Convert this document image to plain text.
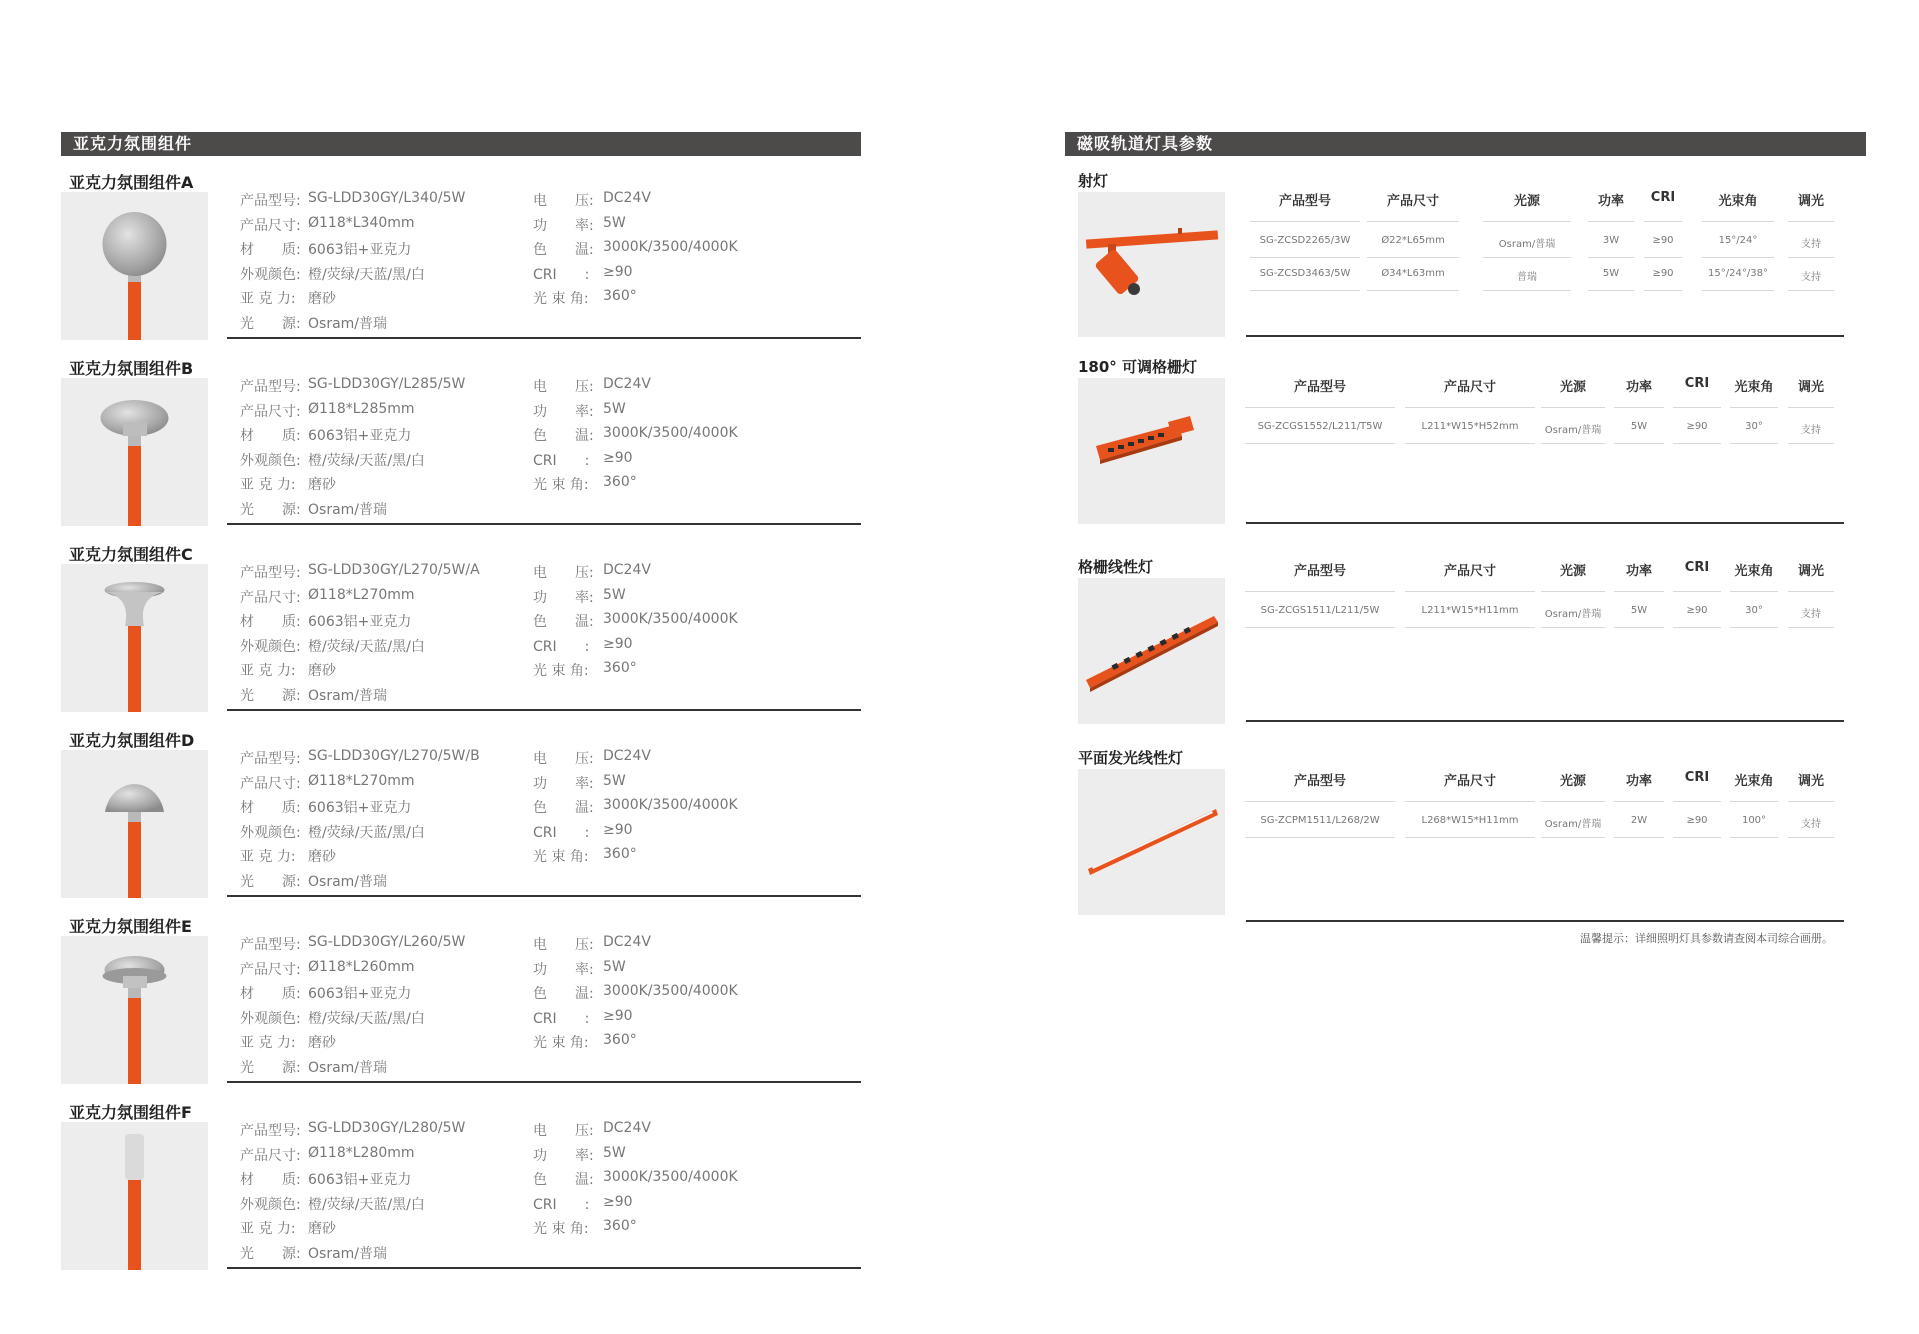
亚克力氛围组件	磁吸轨道灯具参数
亚克力氛围组件A
产品型号: SG-LDD30GY/L340/5W
产品尺寸: Ø118*L340mm
材　　质: 6063铝+亚克力
外观颜色: 橙/荧绿/天蓝/黑/白
亚 克 力: 磨砂
光　　源: Osram/普瑞
电　　压: DC24V
功　　率: 5W
色　　温: 3000K/3500/4000K
CRI　　: ≥90
光 束 角: 360°
亚克力氛围组件B
产品型号: SG-LDD30GY/L285/5W
产品尺寸: Ø118*L285mm
材　　质: 6063铝+亚克力
外观颜色: 橙/荧绿/天蓝/黑/白
亚 克 力: 磨砂
光　　源: Osram/普瑞
电　　压: DC24V
功　　率: 5W
色　　温: 3000K/3500/4000K
CRI　　: ≥90
光 束 角: 360°
亚克力氛围组件C
产品型号: SG-LDD30GY/L270/5W/A
产品尺寸: Ø118*L270mm
材　　质: 6063铝+亚克力
外观颜色: 橙/荧绿/天蓝/黑/白
亚 克 力: 磨砂
光　　源: Osram/普瑞
电　　压: DC24V
功　　率: 5W
色　　温: 3000K/3500/4000K
CRI　　: ≥90
光 束 角: 360°
亚克力氛围组件D
产品型号: SG-LDD30GY/L270/5W/B
产品尺寸: Ø118*L270mm
材　　质: 6063铝+亚克力
外观颜色: 橙/荧绿/天蓝/黑/白
亚 克 力: 磨砂
光　　源: Osram/普瑞
电　　压: DC24V
功　　率: 5W
色　　温: 3000K/3500/4000K
CRI　　: ≥90
光 束 角: 360°
亚克力氛围组件E
产品型号: SG-LDD30GY/L260/5W
产品尺寸: Ø118*L260mm
材　　质: 6063铝+亚克力
外观颜色: 橙/荧绿/天蓝/黑/白
亚 克 力: 磨砂
光　　源: Osram/普瑞
电　　压: DC24V
功　　率: 5W
色　　温: 3000K/3500/4000K
CRI　　: ≥90
光 束 角: 360°
亚克力氛围组件F
产品型号: SG-LDD30GY/L280/5W
产品尺寸: Ø118*L280mm
材　　质: 6063铝+亚克力
外观颜色: 橙/荧绿/天蓝/黑/白
亚 克 力: 磨砂
光　　源: Osram/普瑞
电　　压: DC24V
功　　率: 5W
色　　温: 3000K/3500/4000K
CRI　　: ≥90
光 束 角: 360°
射灯
180° 可调格栅灯
格栅线性灯
平面发光线性灯
产品型号	产品尺寸	光源	功率	CRI	光束角	调光
SG-ZCSD2265/3W	Ø22*L65mm	Osram/普瑞	3W	≥90	15°/24°	支持
SG-ZCSD3463/5W	Ø34*L63mm	普瑞	5W	≥90	15°/24°/38°	支持
产品型号	产品尺寸	光源	功率	CRI	光束角	调光
SG-ZCGS1552/L211/T5W	L211*W15*H52mm	Osram/普瑞	5W	≥90	30°	支持
产品型号	产品尺寸	光源	功率	CRI	光束角	调光
SG-ZCGS1511/L211/5W	L211*W15*H11mm	Osram/普瑞	5W	≥90	30°	支持
产品型号	产品尺寸	光源	功率	CRI	光束角	调光
SG-ZCPM1511/L268/2W	L268*W15*H11mm	Osram/普瑞	2W	≥90	100°	支持
温馨提示：详细照明灯具参数请查阅本司综合画册。
